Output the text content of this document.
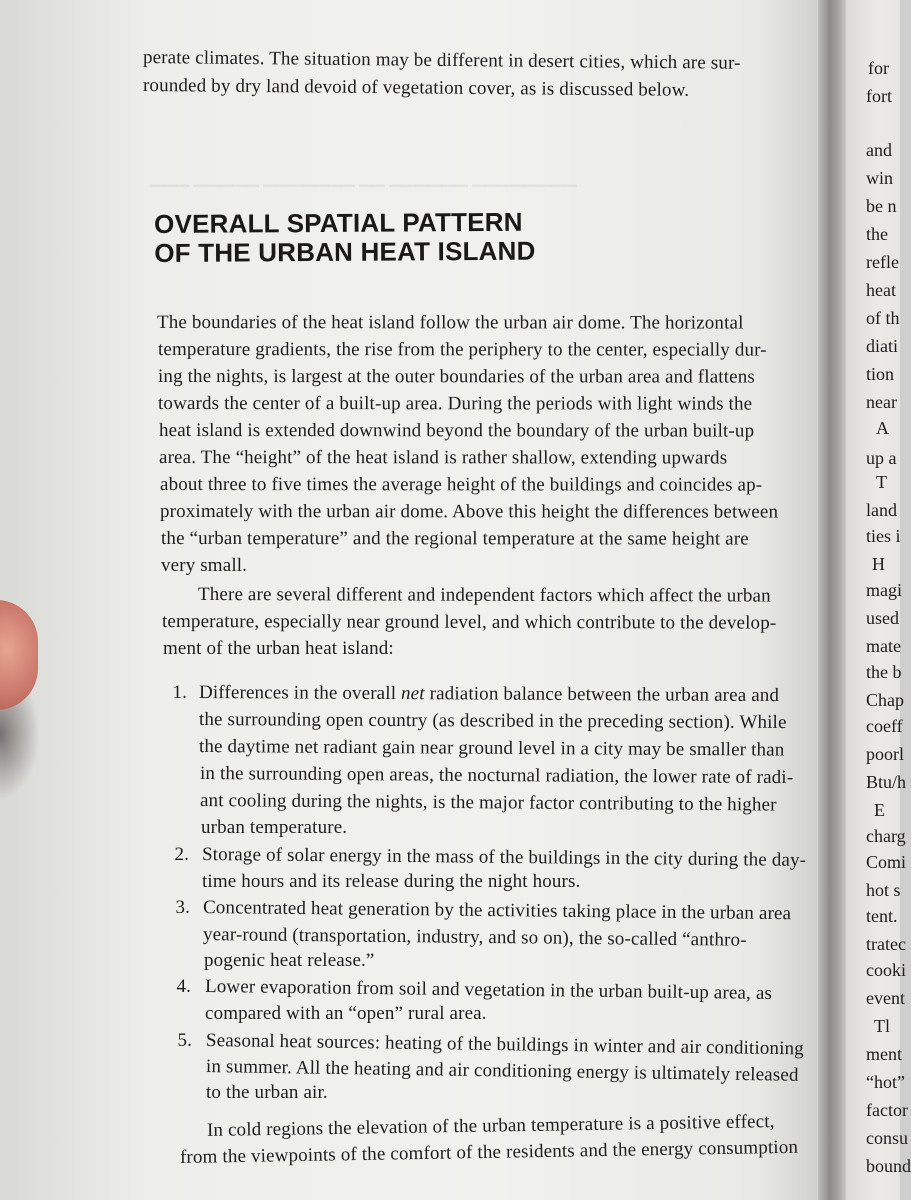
▁▁▁ ▁▁▁▁▁ ▁▁▁▁▁▁▁ ▁▁ ▁▁▁▁▁▁ ▁▁▁▁▁▁▁▁
perate climates. The situation may be different in desert cities, which are sur-
rounded by dry land devoid of vegetation cover, as is discussed below.
OVERALL SPATIAL PATTERN
OF THE URBAN HEAT ISLAND
The boundaries of the heat island follow the urban air dome. The horizontal
temperature gradients, the rise from the periphery to the center, especially dur-
ing the nights, is largest at the outer boundaries of the urban area and flattens
towards the center of a built-up area. During the periods with light winds the
heat island is extended downwind beyond the boundary of the urban built-up
area. The “height” of the heat island is rather shallow, extending upwards
about three to five times the average height of the buildings and coincides ap-
proximately with the urban air dome. Above this height the differences between
the “urban temperature” and the regional temperature at the same height are
very small.
There are several different and independent factors which affect the urban
temperature, especially near ground level, and which contribute to the develop-
ment of the urban heat island:
1. Differences in the overall net radiation balance between the urban area and
the surrounding open country (as described in the preceding section). While
the daytime net radiant gain near ground level in a city may be smaller than
in the surrounding open areas, the nocturnal radiation, the lower rate of radi-
ant cooling during the nights, is the major factor contributing to the higher
urban temperature.
2. Storage of solar energy in the mass of the buildings in the city during the day-
time hours and its release during the night hours.
3. Concentrated heat generation by the activities taking place in the urban area
year-round (transportation, industry, and so on), the so-called “anthro-
pogenic heat release.”
4. Lower evaporation from soil and vegetation in the urban built-up area, as
compared with an “open” rural area.
5. Seasonal heat sources: heating of the buildings in winter and air conditioning
in summer. All the heating and air conditioning energy is ultimately released
to the urban air.
In cold regions the elevation of the urban temperature is a positive effect,
from the viewpoints of the comfort of the residents and the energy consumption
for
fort
and
win
be n
the
refle
heat
of th
diati
tion
near
A
up a
T
land
ties i
H
magi
used
mate
the b
Chap
coeff
poorl
Btu/h
E
charg
Comi
hot s
tent.
tratec
cooki
event
Tl
ment
“hot”
factor
consu
bound
